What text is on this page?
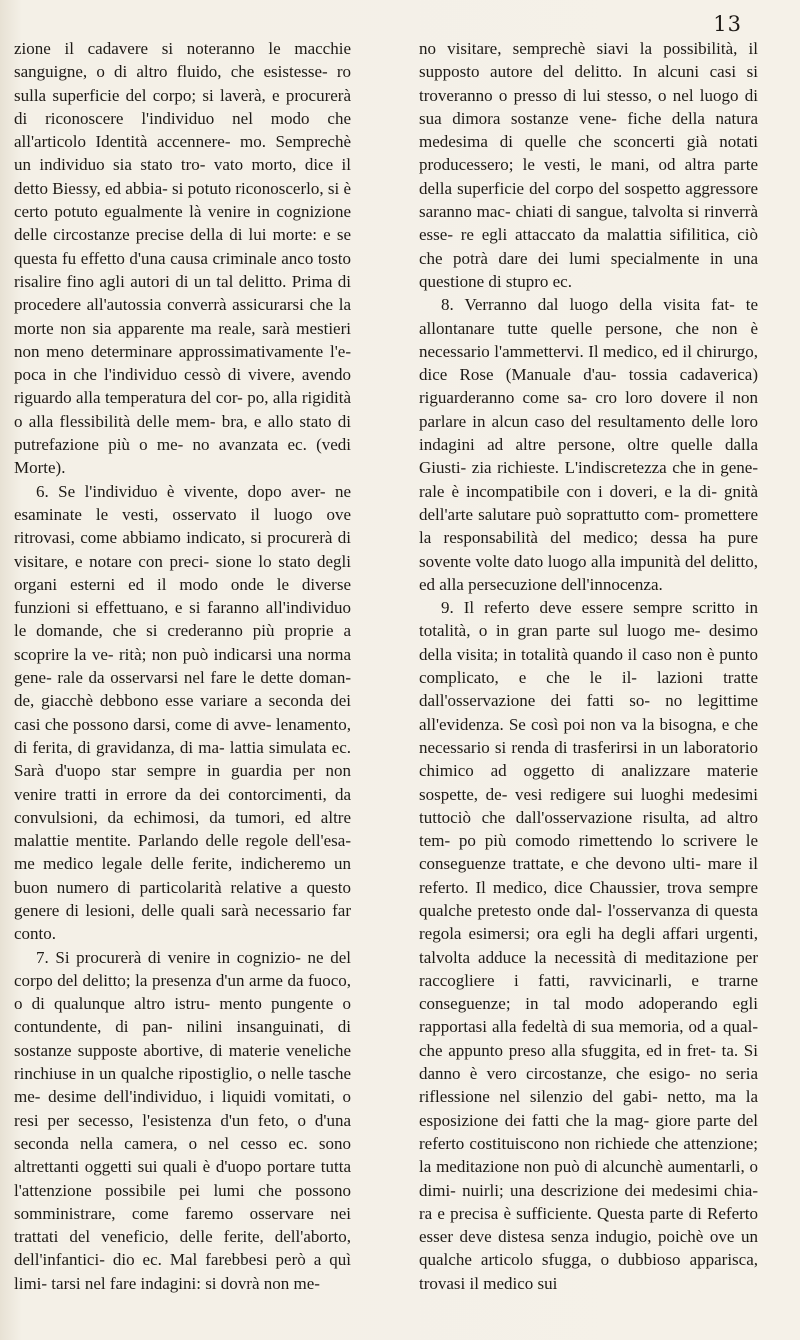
13

zione il cadavere si noteranno le macchie sanguigne, o di altro fluido, che esistesse- ro sulla superficie del corpo; si laverà, e procurerà di riconoscere l'individuo nel modo che all'articolo Identità accennere- mo. Semprechè un individuo sia stato tro- vato morto, dice il detto Biessy, ed abbia- si potuto riconoscerlo, si è certo potuto egualmente là venire in cognizione delle circostanze precise della di lui morte: e se questa fu effetto d'una causa criminale anco tosto risalire fino agli autori di un tal delitto. Prima di procedere all'autossia converrà assicurarsi che la morte non sia apparente ma reale, sarà mestieri non meno determinare approssimativamente l'e- poca in che l'individuo cessò di vivere, avendo riguardo alla temperatura del cor- po, alla rigidità o alla flessibilità delle mem- bra, e allo stato di putrefazione più o me- no avanzata ec. (vedi Morte).

6. Se l'individuo è vivente, dopo aver- ne esaminate le vesti, osservato il luogo ove ritrovasi, come abbiamo indicato, si procurerà di visitare, e notare con preci- sione lo stato degli organi esterni ed il modo onde le diverse funzioni si effettuano, e si faranno all'individuo le domande, che si crederanno più proprie a scoprire la ve- rità; non può indicarsi una norma gene- rale da osservarsi nel fare le dette doman- de, giacchè debbono esse variare a seconda dei casi che possono darsi, come di avve- lenamento, di ferita, di gravidanza, di ma- lattia simulata ec. Sarà d'uopo star sempre in guardia per non venire tratti in errore da dei contorcimenti, da convulsioni, da echimosi, da tumori, ed altre malattie mentite. Parlando delle regole dell'esa- me medico legale delle ferite, indicheremo un buon numero di particolarità relative a questo genere di lesioni, delle quali sarà necessario far conto.

7. Si procurerà di venire in cognizio- ne del corpo del delitto; la presenza d'un arme da fuoco, o di qualunque altro istru- mento pungente o contundente, di pan- nilini insanguinati, di sostanze supposte abortive, di materie veneliche rinchiuse in un qualche ripostiglio, o nelle tasche me- desime dell'individuo, i liquidi vomitati, o resi per secesso, l'esistenza d'un feto, o d'una seconda nella camera, o nel cesso ec. sono altrettanti oggetti sui quali è d'uopo portare tutta l'attenzione possibile pei lumi che possono somministrare, come faremo osservare nei trattati del veneficio, delle ferite, dell'aborto, dell'infantici- dio ec. Mal farebbesi però a quì limi- tarsi nel fare indagini: si dovrà non me-

no visitare, semprechè siavi la possibilità, il supposto autore del delitto. In alcuni casi si troveranno o presso di lui stesso, o nel luogo di sua dimora sostanze vene- fiche della natura medesima di quelle che sconcerti già notati producessero; le vesti, le mani, od altra parte della superficie del corpo del sospetto aggressore saranno mac- chiati di sangue, talvolta si rinverrà esse- re egli attaccato da malattia sifilitica, ciò che potrà dare dei lumi specialmente in una questione di stupro ec.

8. Verranno dal luogo della visita fat- te allontanare tutte quelle persone, che non è necessario l'ammettervi. Il medico, ed il chirurgo, dice Rose (Manuale d'au- tossia cadaverica) riguarderanno come sa- cro loro dovere il non parlare in alcun caso del resultamento delle loro indagini ad altre persone, oltre quelle dalla Giusti- zia richieste. L'indiscretezza che in gene- rale è incompatibile con i doveri, e la di- gnità dell'arte salutare può soprattutto com- promettere la responsabilità del medico; dessa ha pure sovente volte dato luogo alla impunità del delitto, ed alla persecuzione dell'innocenza.

9. Il referto deve essere sempre scritto in totalità, o in gran parte sul luogo me- desimo della visita; in totalità quando il caso non è punto complicato, e che le il- lazioni tratte dall'osservazione dei fatti so- no legittime all'evidenza. Se così poi non va la bisogna, e che necessario si renda di trasferirsi in un laboratorio chimico ad oggetto di analizzare materie sospette, de- vesi redigere sui luoghi medesimi tuttociò che dall'osservazione risulta, ad altro tem- po più comodo rimettendo lo scrivere le conseguenze trattate, e che devono ulti- mare il referto. Il medico, dice Chaussier, trova sempre qualche pretesto onde dal- l'osservanza di questa regola esimersi; ora egli ha degli affari urgenti, talvolta adduce la necessità di meditazione per raccogliere i fatti, ravvicinarli, e trarne conseguenze; in tal modo adoperando egli rapportasi alla fedeltà di sua memoria, od a qual- che appunto preso alla sfuggita, ed in fret- ta. Si danno è vero circostanze, che esigo- no seria riflessione nel silenzio del gabi- netto, ma la esposizione dei fatti che la mag- giore parte del referto costituiscono non richiede che attenzione; la meditazione non può di alcunchè aumentarli, o dimi- nuirli; una descrizione dei medesimi chia- ra e precisa è sufficiente. Questa parte di Referto esser deve distesa senza indugio, poichè ove un qualche articolo sfugga, o dubbioso apparisca, trovasi il medico sui
